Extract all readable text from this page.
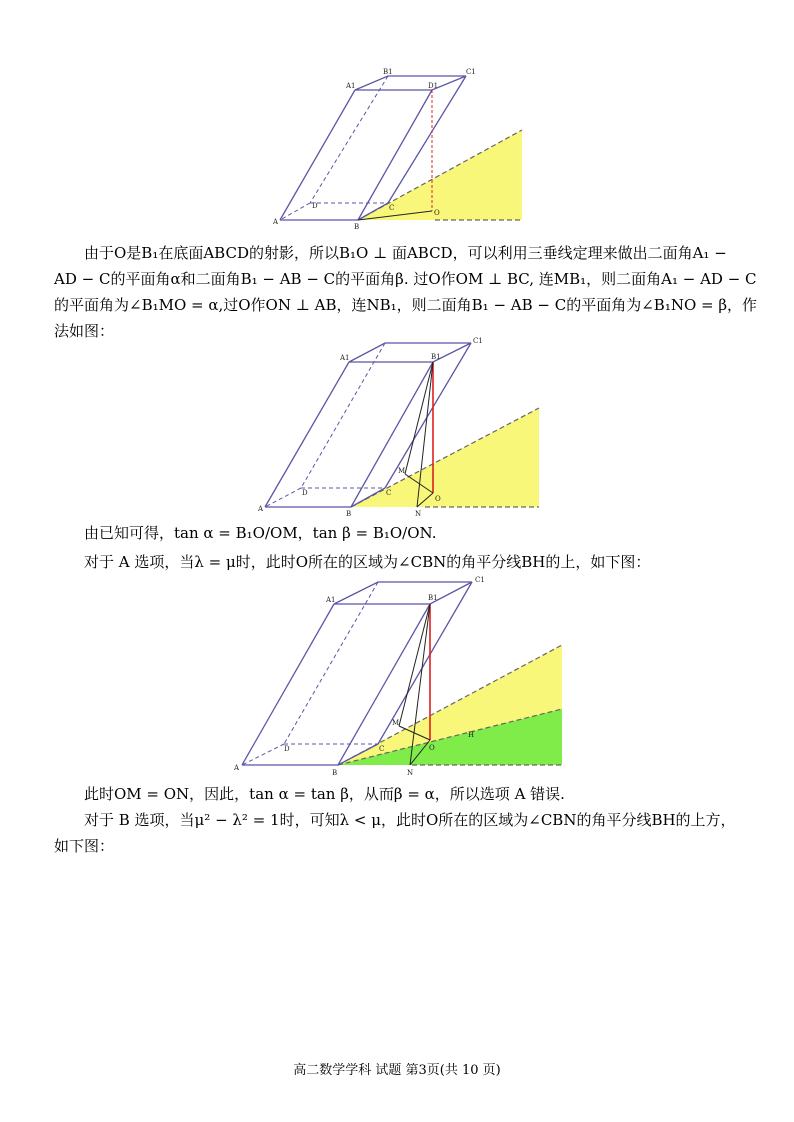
A1
B1	C1
D1
A
D
B
C
O
由于O是B₁在底面ABCD的射影，所以B₁O ⊥ 面ABCD，可以利用三垂线定理来做出二面角A₁ −
AD − C的平面角α和二面角B₁ − AB − C的平面角β. 过O作OM ⊥ BC, 连MB₁，则二面角A₁ − AD − C
的平面角为∠B₁MO = α,过O作ON ⊥ AB，连NB₁，则二面角B₁ − AB − C的平面角为∠B₁NO = β，作
法如图：
A1	B1
C1
A
D
B
C
M
O
N
由已知可得，tan α = B₁O/OM，tan β = B₁O/ON.
对于 A 选项，当λ = μ时，此时O所在的区域为∠CBN的角平分线BH的上，如下图：
A1	B1
C1
A
D
B
C
M
O
H
N
此时OM = ON，因此，tan α = tan β，从而β = α，所以选项 A 错误.
对于 B 选项，当μ² − λ² = 1时，可知λ < μ，此时O所在的区域为∠CBN的角平分线BH的上方，
如下图：
高二数学学科 试题 第3页(共 10 页)
